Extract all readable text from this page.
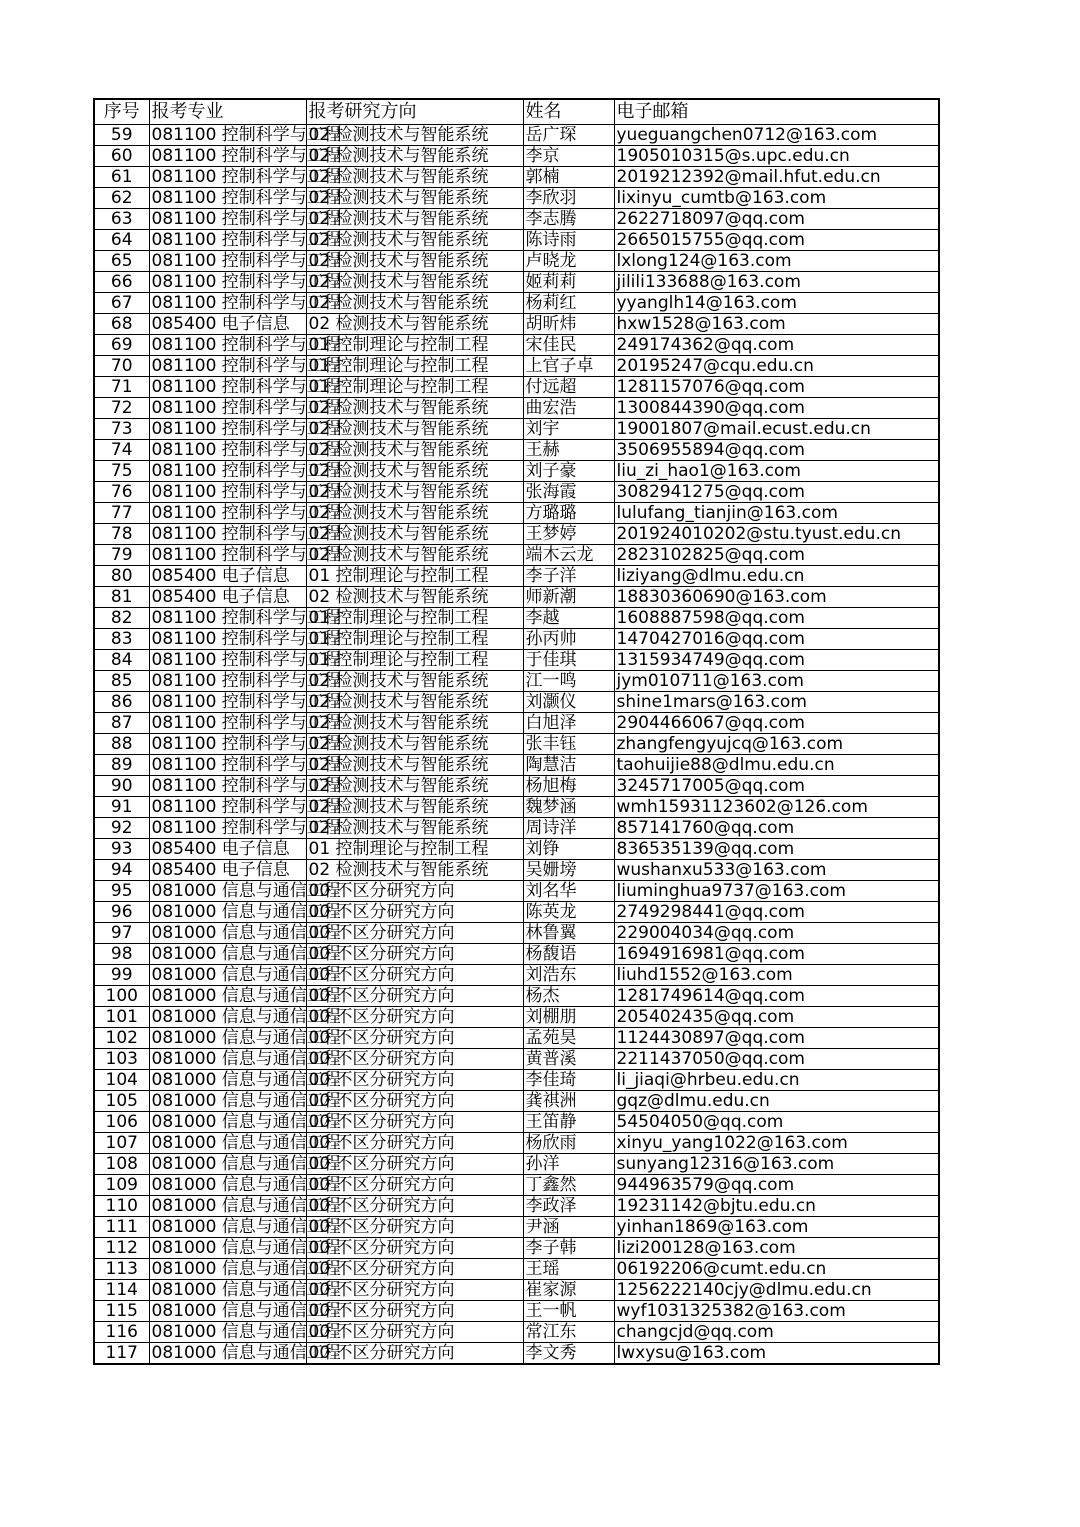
序号	报考专业	报考研究方向	姓名	电子邮箱
59	081100 控制科学与工程	02 检测技术与智能系统	岳广琛	yueguangchen0712@163.com
60	081100 控制科学与工程	02 检测技术与智能系统	李京	1905010315@s.upc.edu.cn
61	081100 控制科学与工程	02 检测技术与智能系统	郭楠	2019212392@mail.hfut.edu.cn
62	081100 控制科学与工程	02 检测技术与智能系统	李欣羽	lixinyu_cumtb@163.com
63	081100 控制科学与工程	02 检测技术与智能系统	李志腾	2622718097@qq.com
64	081100 控制科学与工程	02 检测技术与智能系统	陈诗雨	2665015755@qq.com
65	081100 控制科学与工程	02 检测技术与智能系统	卢晓龙	lxlong124@163.com
66	081100 控制科学与工程	02 检测技术与智能系统	姬莉莉	jilili133688@163.com
67	081100 控制科学与工程	02 检测技术与智能系统	杨莉红	yyanglh14@163.com
68	085400 电子信息	02 检测技术与智能系统	胡昕炜	hxw1528@163.com
69	081100 控制科学与工程	01 控制理论与控制工程	宋佳民	249174362@qq.com
70	081100 控制科学与工程	01 控制理论与控制工程	上官子卓	20195247@cqu.edu.cn
71	081100 控制科学与工程	01 控制理论与控制工程	付远超	1281157076@qq.com
72	081100 控制科学与工程	02 检测技术与智能系统	曲宏浩	1300844390@qq.com
73	081100 控制科学与工程	02 检测技术与智能系统	刘宇	19001807@mail.ecust.edu.cn
74	081100 控制科学与工程	02 检测技术与智能系统	王赫	3506955894@qq.com
75	081100 控制科学与工程	02 检测技术与智能系统	刘子豪	liu_zi_hao1@163.com
76	081100 控制科学与工程	02 检测技术与智能系统	张海霞	3082941275@qq.com
77	081100 控制科学与工程	02 检测技术与智能系统	方璐璐	lulufang_tianjin@163.com
78	081100 控制科学与工程	02 检测技术与智能系统	王梦婷	201924010202@stu.tyust.edu.cn
79	081100 控制科学与工程	02 检测技术与智能系统	端木云龙	2823102825@qq.com
80	085400 电子信息	01 控制理论与控制工程	李子洋	liziyang@dlmu.edu.cn
81	085400 电子信息	02 检测技术与智能系统	师新潮	18830360690@163.com
82	081100 控制科学与工程	01 控制理论与控制工程	李越	1608887598@qq.com
83	081100 控制科学与工程	01 控制理论与控制工程	孙丙帅	1470427016@qq.com
84	081100 控制科学与工程	01 控制理论与控制工程	于佳琪	1315934749@qq.com
85	081100 控制科学与工程	02 检测技术与智能系统	江一鸣	jym010711@163.com
86	081100 控制科学与工程	02 检测技术与智能系统	刘灏仪	shine1mars@163.com
87	081100 控制科学与工程	02 检测技术与智能系统	白旭泽	2904466067@qq.com
88	081100 控制科学与工程	02 检测技术与智能系统	张丰钰	zhangfengyujcq@163.com
89	081100 控制科学与工程	02 检测技术与智能系统	陶慧洁	taohuijie88@dlmu.edu.cn
90	081100 控制科学与工程	02 检测技术与智能系统	杨旭梅	3245717005@qq.com
91	081100 控制科学与工程	02 检测技术与智能系统	魏梦涵	wmh15931123602@126.com
92	081100 控制科学与工程	02 检测技术与智能系统	周诗洋	857141760@qq.com
93	085400 电子信息	01 控制理论与控制工程	刘铮	836535139@qq.com
94	085400 电子信息	02 检测技术与智能系统	吴姗塝	wushanxu533@163.com
95	081000 信息与通信工程	00 不区分研究方向	刘名华	liuminghua9737@163.com
96	081000 信息与通信工程	00 不区分研究方向	陈英龙	2749298441@qq.com
97	081000 信息与通信工程	00 不区分研究方向	林鲁翼	229004034@qq.com
98	081000 信息与通信工程	00 不区分研究方向	杨馥语	1694916981@qq.com
99	081000 信息与通信工程	00 不区分研究方向	刘浩东	liuhd1552@163.com
100	081000 信息与通信工程	00 不区分研究方向	杨杰	1281749614@qq.com
101	081000 信息与通信工程	00 不区分研究方向	刘棚朋	205402435@qq.com
102	081000 信息与通信工程	00 不区分研究方向	孟苑昊	1124430897@qq.com
103	081000 信息与通信工程	00 不区分研究方向	黄普溪	2211437050@qq.com
104	081000 信息与通信工程	00 不区分研究方向	李佳琦	li_jiaqi@hrbeu.edu.cn
105	081000 信息与通信工程	00 不区分研究方向	龚祺洲	gqz@dlmu.edu.cn
106	081000 信息与通信工程	00 不区分研究方向	王笛静	54504050@qq.com
107	081000 信息与通信工程	00 不区分研究方向	杨欣雨	xinyu_yang1022@163.com
108	081000 信息与通信工程	00 不区分研究方向	孙洋	sunyang12316@163.com
109	081000 信息与通信工程	00 不区分研究方向	丁鑫然	944963579@qq.com
110	081000 信息与通信工程	00 不区分研究方向	李政泽	19231142@bjtu.edu.cn
111	081000 信息与通信工程	00 不区分研究方向	尹涵	yinhan1869@163.com
112	081000 信息与通信工程	00 不区分研究方向	李子韩	lizi200128@163.com
113	081000 信息与通信工程	00 不区分研究方向	王瑶	06192206@cumt.edu.cn
114	081000 信息与通信工程	00 不区分研究方向	崔家源	1256222140cjy@dlmu.edu.cn
115	081000 信息与通信工程	00 不区分研究方向	王一帆	wyf1031325382@163.com
116	081000 信息与通信工程	00 不区分研究方向	常江东	changcjd@qq.com
117	081000 信息与通信工程	00 不区分研究方向	李文秀	lwxysu@163.com
